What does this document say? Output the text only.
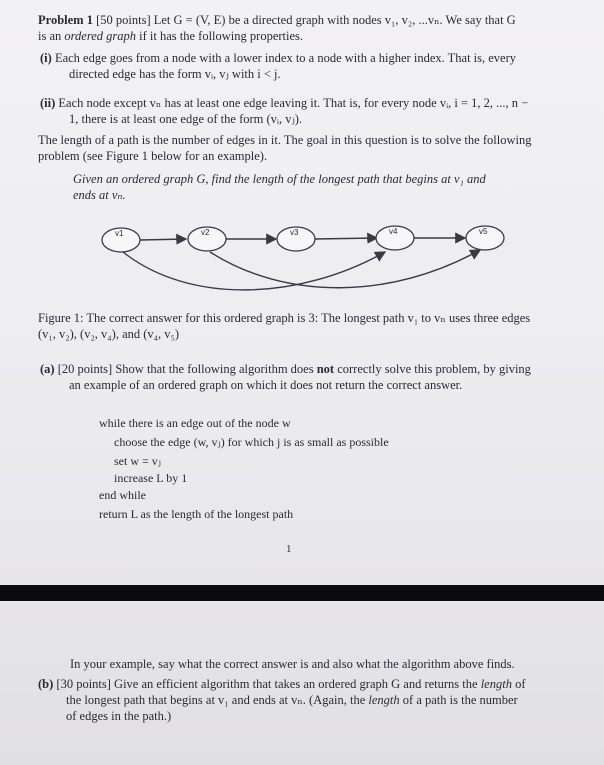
Problem 1 [50 points] Let G = (V, E) be a directed graph with nodes v₁, v₂, ...vₙ. We say that G
is an ordered graph if it has the following properties.
(i) Each edge goes from a node with a lower index to a node with a higher index. That is, every
directed edge has the form vᵢ, vⱼ with i < j.
(ii) Each node except vₙ has at least one edge leaving it. That is, for every node vᵢ, i = 1, 2, ..., n −
1, there is at least one edge of the form (vᵢ, vⱼ).
The length of a path is the number of edges in it. The goal in this question is to solve the following
problem (see Figure 1 below for an example).
Given an ordered graph G, find the length of the longest path that begins at v₁ and
ends at vₙ.
v1	v2	v3	v4	v5
Figure 1: The correct answer for this ordered graph is 3: The longest path v₁ to vₙ uses three edges
(v₁, v₂), (v₂, v₄), and (v₄, v₅)
(a) [20 points] Show that the following algorithm does not correctly solve this problem, by giving
an example of an ordered graph on which it does not return the correct answer.
while there is an edge out of the node w
choose the edge (w, vⱼ) for which j is as small as possible
set w = vⱼ
increase L by 1
end while
return L as the length of the longest path
1
In your example, say what the correct answer is and also what the algorithm above finds.
(b) [30 points] Give an efficient algorithm that takes an ordered graph G and returns the length of
the longest path that begins at v₁ and ends at vₙ. (Again, the length of a path is the number
of edges in the path.)
